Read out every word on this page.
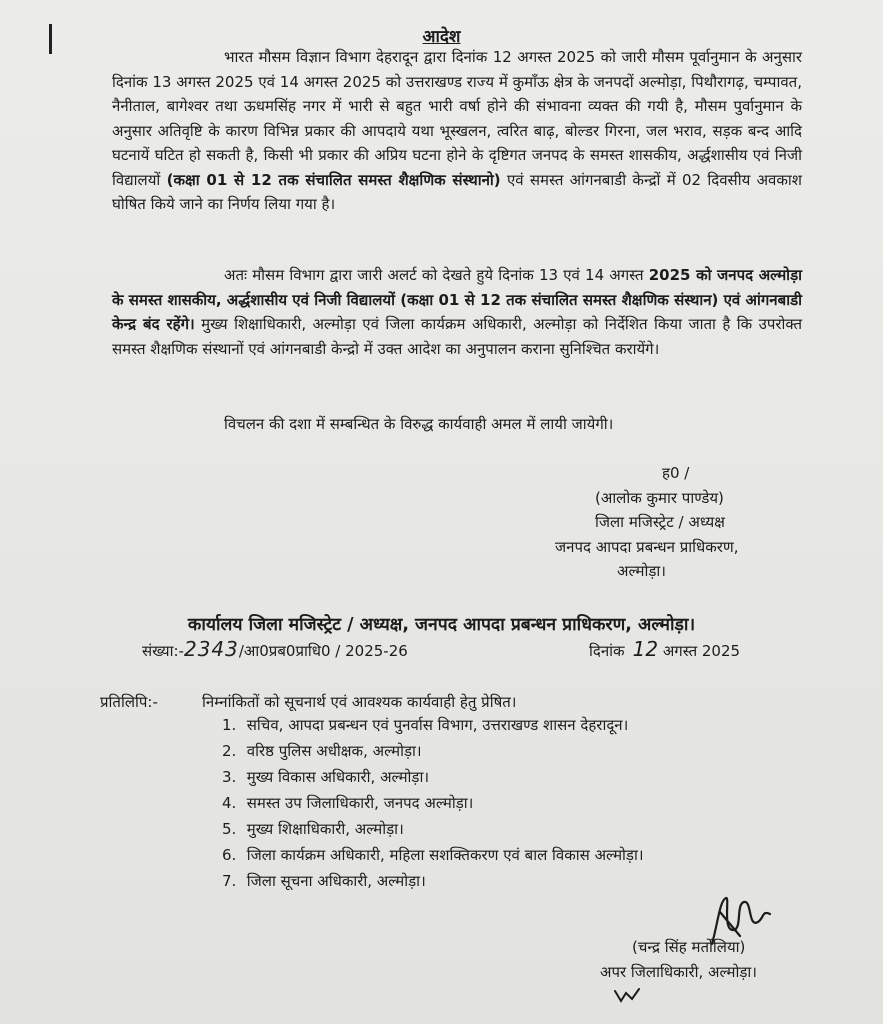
आदेश
भारत मौसम विज्ञान विभाग देहरादून द्वारा दिनांक 12 अगस्त 2025 को जारी मौसम पूर्वानुमान के अनुसार दिनांक 13 अगस्त 2025 एवं 14 अगस्त 2025 को उत्तराखण्ड राज्य में कुमाँऊ क्षेत्र के जनपदों अल्मोड़ा, पिथौरागढ़, चम्पावत, नैनीताल, बागेश्वर तथा ऊधमसिंह नगर में भारी से बहुत भारी वर्षा होने की संभावना व्यक्त की गयी है, मौसम पुर्वानुमान के अनुसार अतिवृष्टि के कारण विभिन्न प्रकार की आपदाये यथा भूस्खलन, त्वरित बाढ़, बोल्डर गिरना, जल भराव, सड़क बन्द आदि घटनायें घटित हो सकती है, किसी भी प्रकार की अप्रिय घटना होने के दृष्टिगत जनपद के समस्त शासकीय, अर्द्धशासीय एवं निजी विद्यालयों (कक्षा 01 से 12 तक संचालित समस्त शैक्षणिक संस्थानो) एवं समस्त आंगनबाडी केन्द्रों में 02 दिवसीय अवकाश घोषित किये जाने का निर्णय लिया गया है।
अतः मौसम विभाग द्वारा जारी अलर्ट को देखते हुये दिनांक 13 एवं 14 अगस्त 2025 को जनपद अल्मोड़ा के समस्त शासकीय, अर्द्धशासीय एवं निजी विद्यालयों (कक्षा 01 से 12 तक संचालित समस्त शैक्षणिक संस्थान) एवं आंगनबाडी केन्द्र बंद रहेंगे। मुख्य शिक्षाधिकारी, अल्मोड़ा एवं जिला कार्यक्रम अधिकारी, अल्मोड़ा को निर्देशित किया जाता है कि उपरोक्त समस्त शैक्षणिक संस्थानों एवं आंगनबाडी केन्द्रो में उक्त आदेश का अनुपालन कराना सुनिश्चित करायेंगे।
विचलन की दशा में सम्बन्धित के विरुद्ध कार्यवाही अमल में लायी जायेगी।
ह0 /
(आलोक कुमार पाण्डेय)
जिला मजिस्ट्रेट / अध्यक्ष
जनपद आपदा प्रबन्धन प्राधिकरण,
अल्मोड़ा।
कार्यालय जिला मजिस्ट्रेट / अध्यक्ष, जनपद आपदा प्रबन्धन प्राधिकरण, अल्मोड़ा।
संख्या:-2343/आ0प्रब0प्राधि0 / 2025-26	दिनांक 12 अगस्त 2025
प्रतिलिपि:-	निम्नांकितों को सूचनार्थ एवं आवश्यक कार्यवाही हेतु प्रेषित।
1. सचिव, आपदा प्रबन्धन एवं पुनर्वास विभाग, उत्तराखण्ड शासन देहरादून।
2. वरिष्ठ पुलिस अधीक्षक, अल्मोड़ा।
3. मुख्य विकास अधिकारी, अल्मोड़ा।
4. समस्त उप जिलाधिकारी, जनपद अल्मोड़ा।
5. मुख्य शिक्षाधिकारी, अल्मोड़ा।
6. जिला कार्यक्रम अधिकारी, महिला सशक्तिकरण एवं बाल विकास अल्मोड़ा।
7. जिला सूचना अधिकारी, अल्मोड़ा।
(चन्द्र सिंह मर्तोलिया)
अपर जिलाधिकारी, अल्मोड़ा।
